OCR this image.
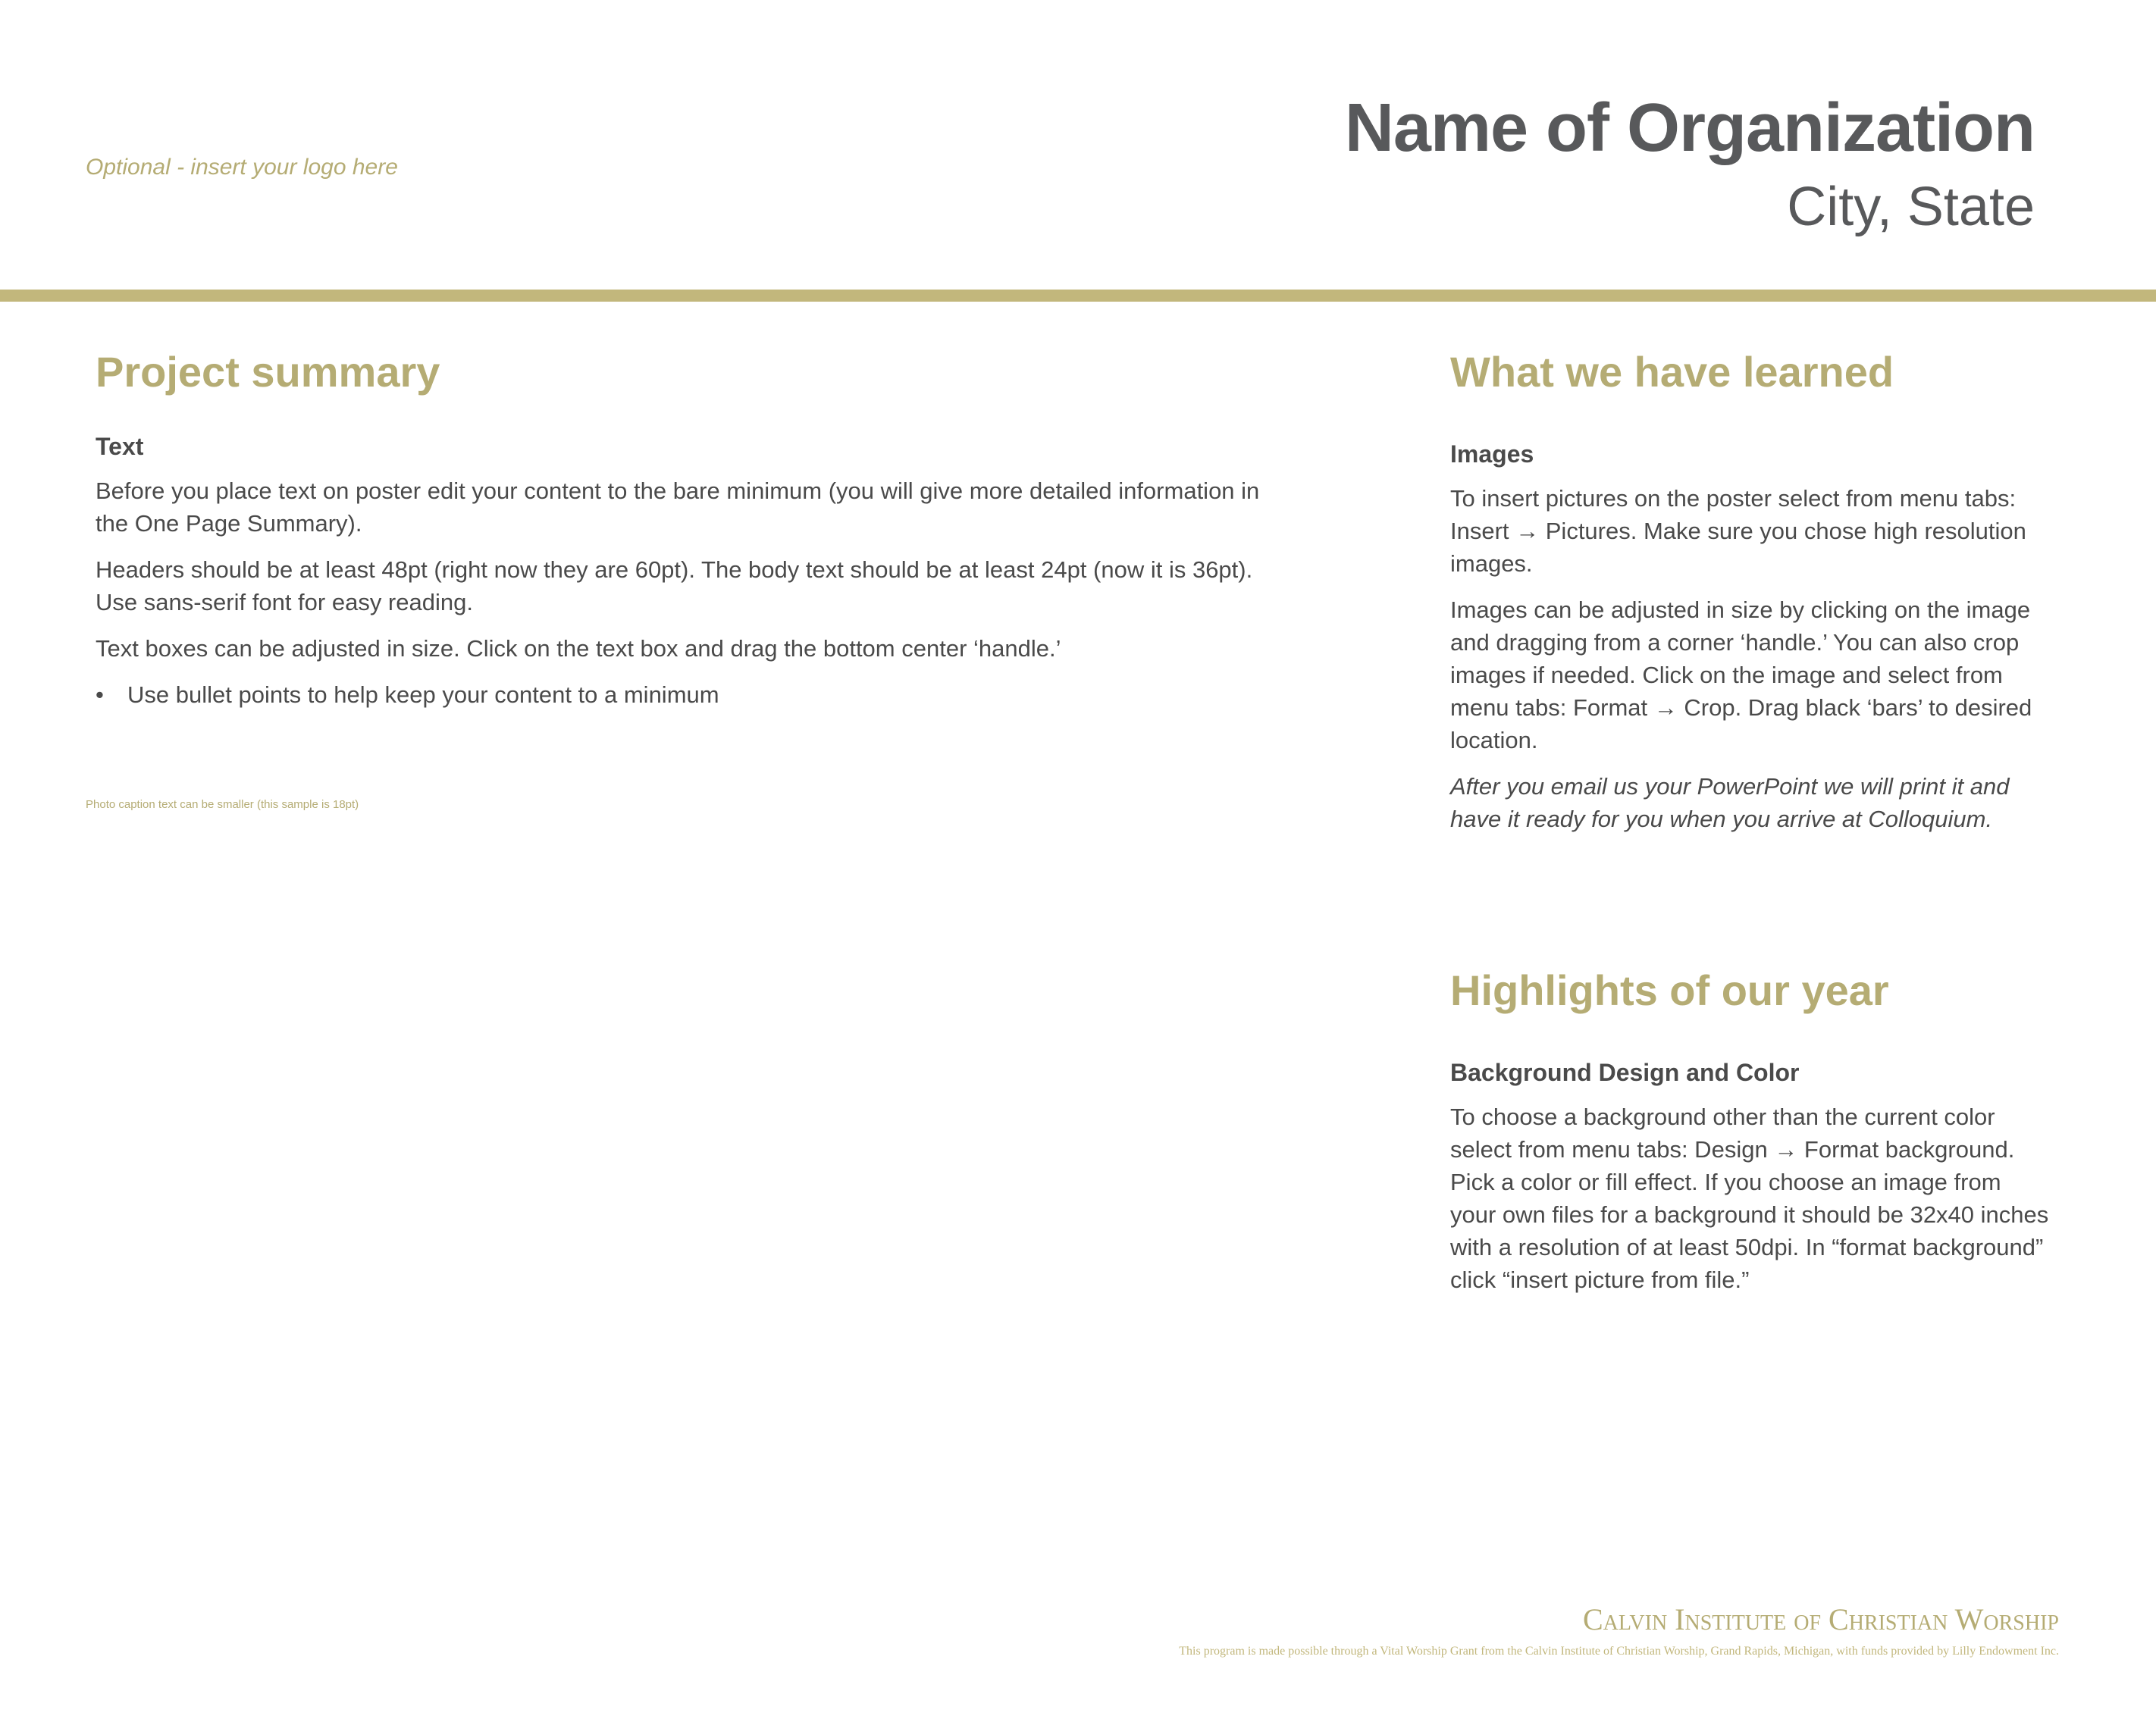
Optional - insert your logo here
Name of Organization
City, State
Project summary

Text

Before you place text on poster edit your content to the bare minimum (you will give more detailed information in the One Page Summary).

Headers should be at least 48pt (right now they are 60pt). The body text should be at least 24pt (now it is 36pt). Use sans-serif font for easy reading.

Text boxes can be adjusted in size. Click on the text box and drag the bottom center ‘handle.’

•	Use bullet points to help keep your content to a minimum
Photo caption text can be smaller (this sample is 18pt)
What we have learned

Images

To insert pictures on the poster select from menu tabs: Insert → Pictures. Make sure you chose high resolution images.

Images can be adjusted in size by clicking on the image and dragging from a corner ‘handle.’ You can also crop images if needed. Click on the image and select from menu tabs: Format → Crop. Drag black ‘bars’ to desired location.

After you email us your PowerPoint we will print it and have it ready for you when you arrive at Colloquium.

Highlights of our year

Background Design and Color

To choose a background other than the current color select from menu tabs: Design → Format background. Pick a color or fill effect. If you choose an image from your own files for a background it should be 32x40 inches with a resolution of at least 50dpi. In “format background” click “insert picture from file.”

Calvin Institute of Christian Worship
This program is made possible through a Vital Worship Grant from the Calvin Institute of Christian Worship, Grand Rapids, Michigan, with funds provided by Lilly Endowment Inc.
